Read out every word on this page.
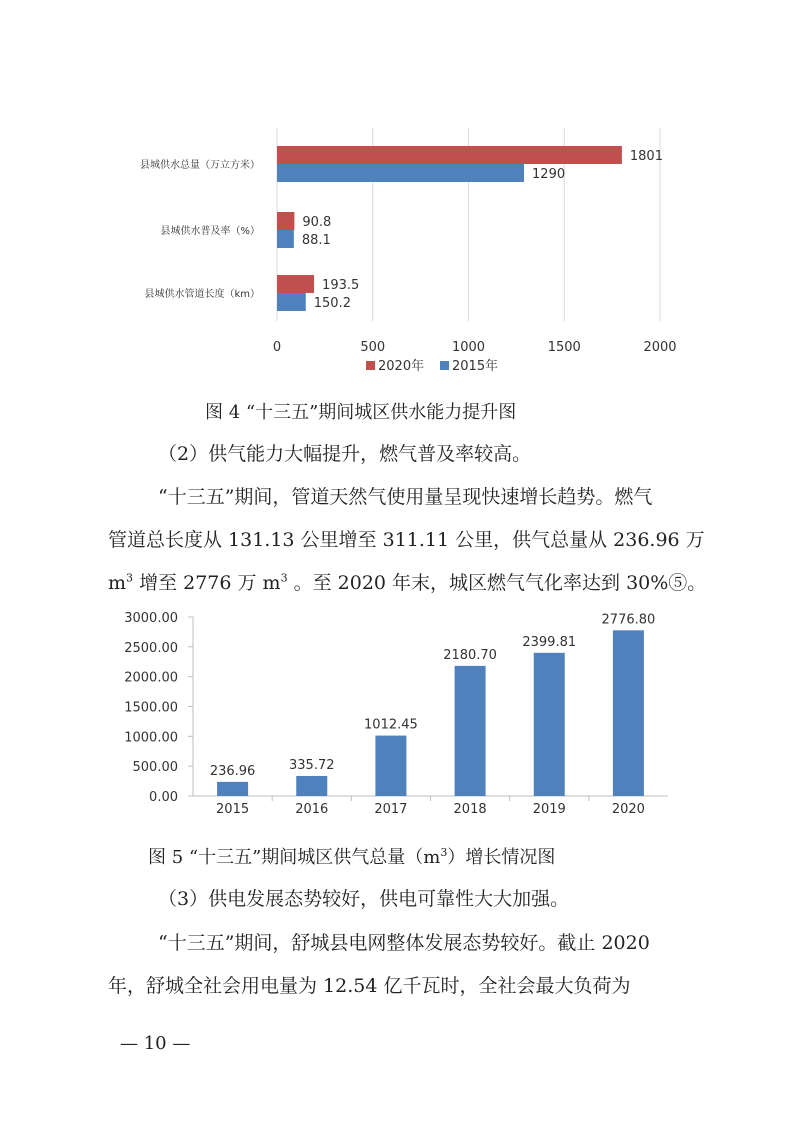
0	500	1000	1500	2000
县城供水总量（万立方米）
1801
1290
县城供水普及率（%）
90.8
88.1
县城供水管道长度（km）
193.5
150.2
2020年 2015年
0.00
500.00
1000.00
1500.00
2000.00
2500.00
3000.00
236.96
2015
335.72
2016
1012.45
2017
2180.70
2018
2399.81
2019
2776.80
2020
图 4 “十三五”期间城区供水能力提升图
（2）供气能力大幅提升，燃气普及率较高。
“十三五”期间，管道天然气使用量呈现快速增长趋势。燃气
管道总长度从 131.13 公里增至 311.11 公里，供气总量从 236.96 万
$m^3$ 增至 2776 万 $m^3$ 。至 2020 年末，城区燃气气化率达到 30%⑤。
图 5 “十三五”期间城区供气总量$(m^3)$增长情况图
（3）供电发展态势较好，供电可靠性大大加强。
“十三五”期间，舒城县电网整体发展态势较好。截止 2020
年，舒城全社会用电量为 12.54 亿千瓦时，全社会最大负荷为
— 10 —
